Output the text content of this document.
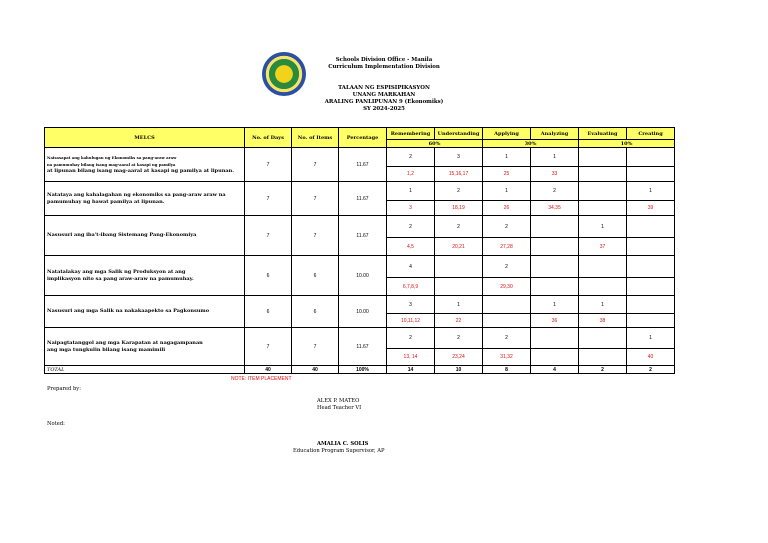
Schools Division Office - Manila
Curriculum Implementation Division
TALAAN NG ESPISIPIKASYON
UNANG MARKAHAN
ARALING PANLIPUNAN 9 (Ekonomiks)
SY 2024-2025
MELCS	No. of Days	No. of Items	Percentage	Remembering	Understanding	Applying	Analyzing	Evaluating	Creating
				60%		30%		10%	

Naisasapat ang kahulugan ng Ekonomiks sa pang-araw araw
na pamumuhay bilang isang mag-aaral at kasapi ng pamilya
at lipunan bilang isang mag-aaral at kasapi ng pamilya at lipunan.	7	7	11.67	2	3	1	1		
				1,2	15,16,17	25	33		

Natataya ang kahalagahan ng ekonomiks sa pang-araw araw na
pamumuhay ng bawat pamilya at lipunan.	7	7	11.67	1	2	1	2		1
				3	18,19	26	34,35		39

Nasusuri ang iba't-ibang Sistemang Pang-Ekonomiya	7	7	11.67	2	2	2		1	
				4,5	20,21	27,28		37	

Natatalakay ang mga Salik ng Produksyon at ang
implikasyon nito sa pang araw-araw na pamumuhay.	6	6	10.00	4		2			
				6,7,8,9		29,30			

Nasusuri ang mga Salik na nakakaapekto sa Pagkonsumo	6	6	10.00	3	1		1	1	
				10,11,12	22		36	38	

Naipagtatanggol ang mga Karapatan at nagagampanan
ang mga tungkulin bilang isang mamimili	7	7	11.67	2	2	2			1
				13, 14	23,24	31,32			40
TOTAL	40	40	100%	14	10	8	4	2	2
NOTE: ITEM PLACEMENT
Prepared by:
ALEX P. MATEO
Head Teacher VI
Noted:
AMALIA C. SOLIS
Education Program Supervisor, AP
